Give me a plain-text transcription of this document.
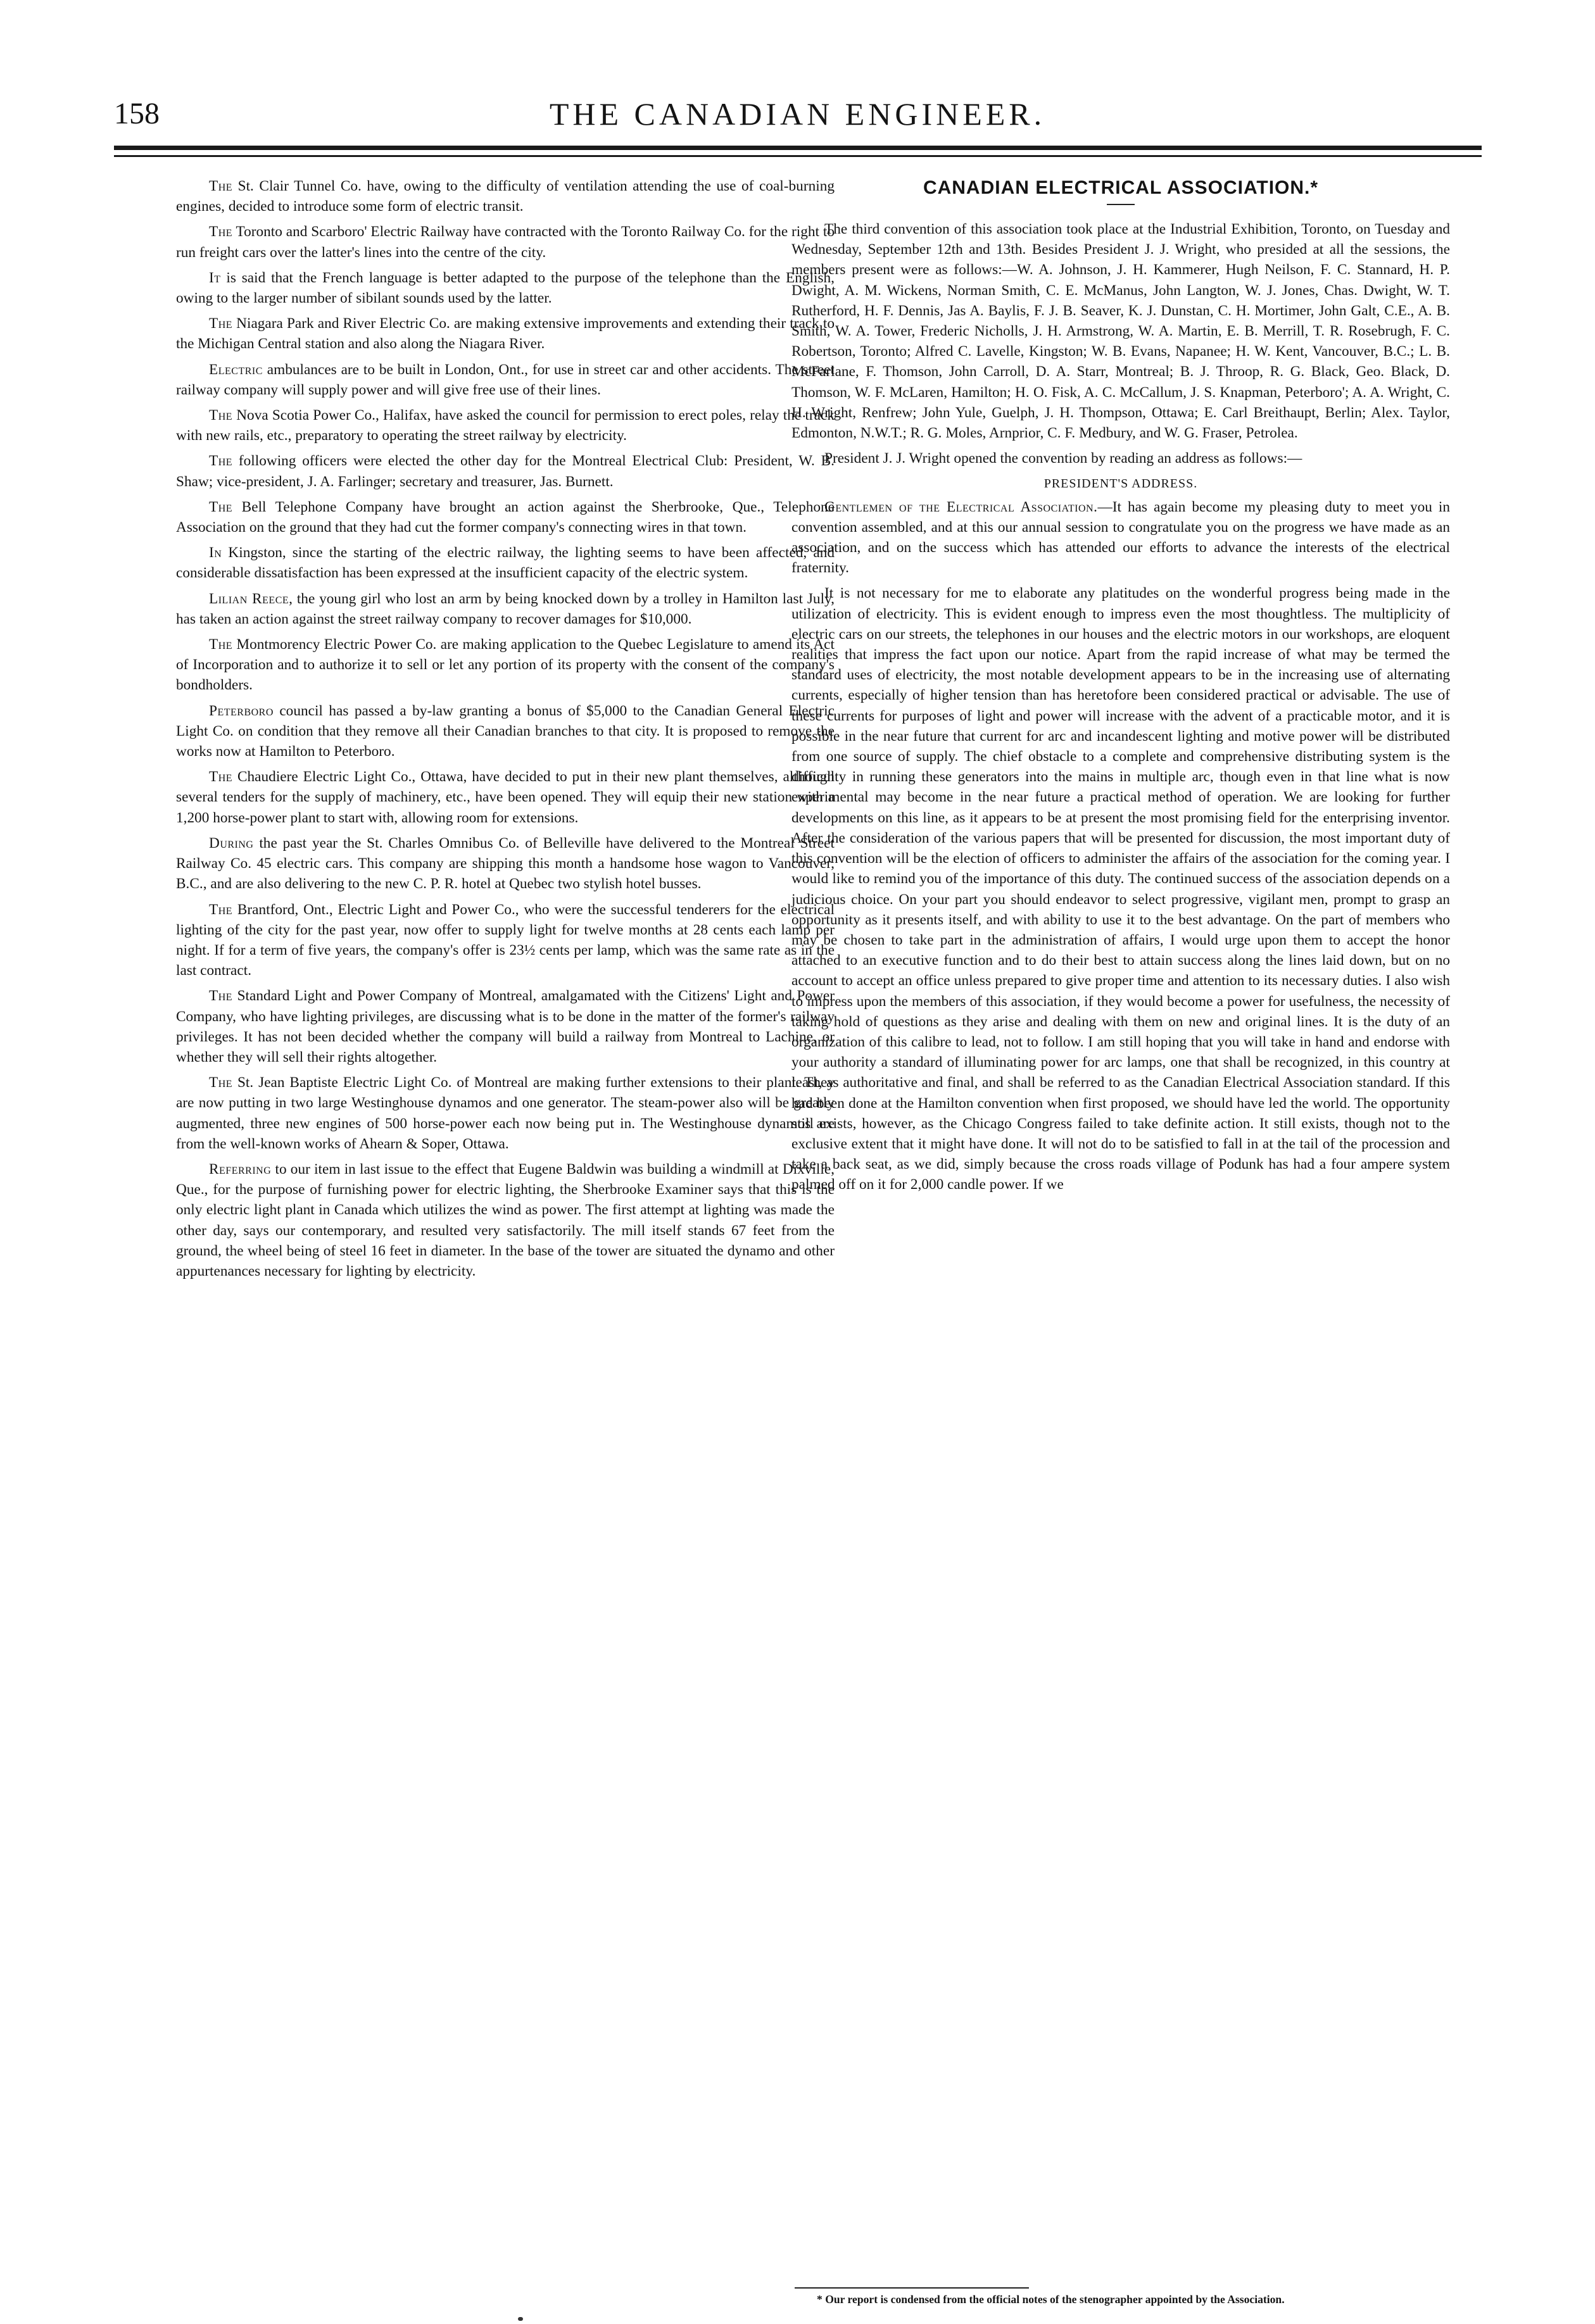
158	THE CANADIAN ENGINEER.

The St. Clair Tunnel Co. have, owing to the difficulty of ventilation attending the use of coal-burning engines, decided to introduce some form of electric transit.

The Toronto and Scarboro' Electric Railway have contracted with the Toronto Railway Co. for the right to run freight cars over the latter's lines into the centre of the city.

It is said that the French language is better adapted to the purpose of the telephone than the English, owing to the larger number of sibilant sounds used by the latter.

The Niagara Park and River Electric Co. are making extensive improvements and extending their track to the Michigan Central station and also along the Niagara River.

Electric ambulances are to be built in London, Ont., for use in street car and other accidents. The street railway company will supply power and will give free use of their lines.

The Nova Scotia Power Co., Halifax, have asked the council for permission to erect poles, relay the track with new rails, etc., preparatory to operating the street railway by electricity.

The following officers were elected the other day for the Montreal Electrical Club: President, W. B. Shaw; vice-president, J. A. Farlinger; secretary and treasurer, Jas. Burnett.

The Bell Telephone Company have brought an action against the Sherbrooke, Que., Telephone Association on the ground that they had cut the former company's connecting wires in that town.

In Kingston, since the starting of the electric railway, the lighting seems to have been affected, and considerable dissatisfaction has been expressed at the insufficient capacity of the electric system.

Lilian Reece, the young girl who lost an arm by being knocked down by a trolley in Hamilton last July, has taken an action against the street railway company to recover damages for $10,000.

The Montmorency Electric Power Co. are making application to the Quebec Legislature to amend its Act of Incorporation and to authorize it to sell or let any portion of its property with the consent of the company's bondholders.

Peterboro council has passed a by-law granting a bonus of $5,000 to the Canadian General Electric Light Co. on condition that they remove all their Canadian branches to that city. It is proposed to remove the works now at Hamilton to Peterboro.

The Chaudiere Electric Light Co., Ottawa, have decided to put in their new plant themselves, although several tenders for the supply of machinery, etc., have been opened. They will equip their new station with a 1,200 horse-power plant to start with, allowing room for extensions.

During the past year the St. Charles Omnibus Co. of Belleville have delivered to the Montreal Street Railway Co. 45 electric cars. This company are shipping this month a handsome hose wagon to Vancouver, B.C., and are also delivering to the new C. P. R. hotel at Quebec two stylish hotel busses.

The Brantford, Ont., Electric Light and Power Co., who were the successful tenderers for the electrical lighting of the city for the past year, now offer to supply light for twelve months at 28 cents each lamp per night. If for a term of five years, the company's offer is 23½ cents per lamp, which was the same rate as in the last contract.

The Standard Light and Power Company of Montreal, amalgamated with the Citizens' Light and Power Company, who have lighting privileges, are discussing what is to be done in the matter of the former's railway privileges. It has not been decided whether the company will build a railway from Montreal to Lachine, or whether they will sell their rights altogether.

The St. Jean Baptiste Electric Light Co. of Montreal are making further extensions to their plant. They are now putting in two large Westinghouse dynamos and one generator. The steam-power also will be greatly augmented, three new engines of 500 horse-power each now being put in. The Westinghouse dynamos are from the well-known works of Ahearn & Soper, Ottawa.

Referring to our item in last issue to the effect that Eugene Baldwin was building a windmill at Dixville, Que., for the purpose of furnishing power for electric lighting, the Sherbrooke Examiner says that this is the only electric light plant in Canada which utilizes the wind as power. The first attempt at lighting was made the other day, says our contemporary, and resulted very satisfactorily. The mill itself stands 67 feet from the ground, the wheel being of steel 16 feet in diameter. In the base of the tower are situated the dynamo and other appurtenances necessary for lighting by electricity.

CANADIAN ELECTRICAL ASSOCIATION.*

The third convention of this association took place at the Industrial Exhibition, Toronto, on Tuesday and Wednesday, September 12th and 13th. Besides President J. J. Wright, who presided at all the sessions, the members present were as follows:—W. A. Johnson, J. H. Kammerer, Hugh Neilson, F. C. Stannard, H. P. Dwight, A. M. Wickens, Norman Smith, C. E. McManus, John Langton, W. J. Jones, Chas. Dwight, W. T. Rutherford, H. F. Dennis, Jas A. Baylis, F. J. B. Seaver, K. J. Dunstan, C. H. Mortimer, John Galt, C.E., A. B. Smith, W. A. Tower, Frederic Nicholls, J. H. Armstrong, W. A. Martin, E. B. Merrill, T. R. Rosebrugh, F. C. Robertson, Toronto; Alfred C. Lavelle, Kingston; W. B. Evans, Napanee; H. W. Kent, Vancouver, B.C.; L. B. McFarlane, F. Thomson, John Carroll, D. A. Starr, Montreal; B. J. Throop, R. G. Black, Geo. Black, D. Thomson, W. F. McLaren, Hamilton; H. O. Fisk, A. C. McCallum, J. S. Knapman, Peterboro'; A. A. Wright, C. H. Wright, Renfrew; John Yule, Guelph, J. H. Thompson, Ottawa; E. Carl Breithaupt, Berlin; Alex. Taylor, Edmonton, N.W.T.; R. G. Moles, Arnprior, C. F. Medbury, and W. G. Fraser, Petrolea.

President J. J. Wright opened the convention by reading an address as follows:—

PRESIDENT'S ADDRESS.

Gentlemen of the Electrical Association.—It has again become my pleasing duty to meet you in convention assembled, and at this our annual session to congratulate you on the progress we have made as an association, and on the success which has attended our efforts to advance the interests of the electrical fraternity.

It is not necessary for me to elaborate any platitudes on the wonderful progress being made in the utilization of electricity. This is evident enough to impress even the most thoughtless. The multiplicity of electric cars on our streets, the telephones in our houses and the electric motors in our workshops, are eloquent realities that impress the fact upon our notice. Apart from the rapid increase of what may be termed the standard uses of electricity, the most notable development appears to be in the increasing use of alternating currents, especially of higher tension than has heretofore been considered practical or advisable. The use of these currents for purposes of light and power will increase with the advent of a practicable motor, and it is possible in the near future that current for arc and incandescent lighting and motive power will be distributed from one source of supply. The chief obstacle to a complete and comprehensive distributing system is the difficulty in running these generators into the mains in multiple arc, though even in that line what is now experimental may become in the near future a practical method of operation. We are looking for further developments on this line, as it appears to be at present the most promising field for the enterprising inventor. After the consideration of the various papers that will be presented for discussion, the most important duty of this convention will be the election of officers to administer the affairs of the association for the coming year. I would like to remind you of the importance of this duty. The continued success of the association depends on a judicious choice. On your part you should endeavor to select progressive, vigilant men, prompt to grasp an opportunity as it presents itself, and with ability to use it to the best advantage. On the part of members who may be chosen to take part in the administration of affairs, I would urge upon them to accept the honor attached to an executive function and to do their best to attain success along the lines laid down, but on no account to accept an office unless prepared to give proper time and attention to its necessary duties. I also wish to impress upon the members of this association, if they would become a power for usefulness, the necessity of taking hold of questions as they arise and dealing with them on new and original lines. It is the duty of an organization of this calibre to lead, not to follow. I am still hoping that you will take in hand and endorse with your authority a standard of illuminating power for arc lamps, one that shall be recognized, in this country at least, as authoritative and final, and shall be referred to as the Canadian Electrical Association standard. If this had been done at the Hamilton convention when first proposed, we should have led the world. The opportunity still exists, however, as the Chicago Congress failed to take definite action. It still exists, though not to the exclusive extent that it might have done. It will not do to be satisfied to fall in at the tail of the procession and take a back seat, as we did, simply because the cross roads village of Podunk has had a four ampere system palmed off on it for 2,000 candle power. If we

* Our report is condensed from the official notes of the stenographer appointed by the Association.
